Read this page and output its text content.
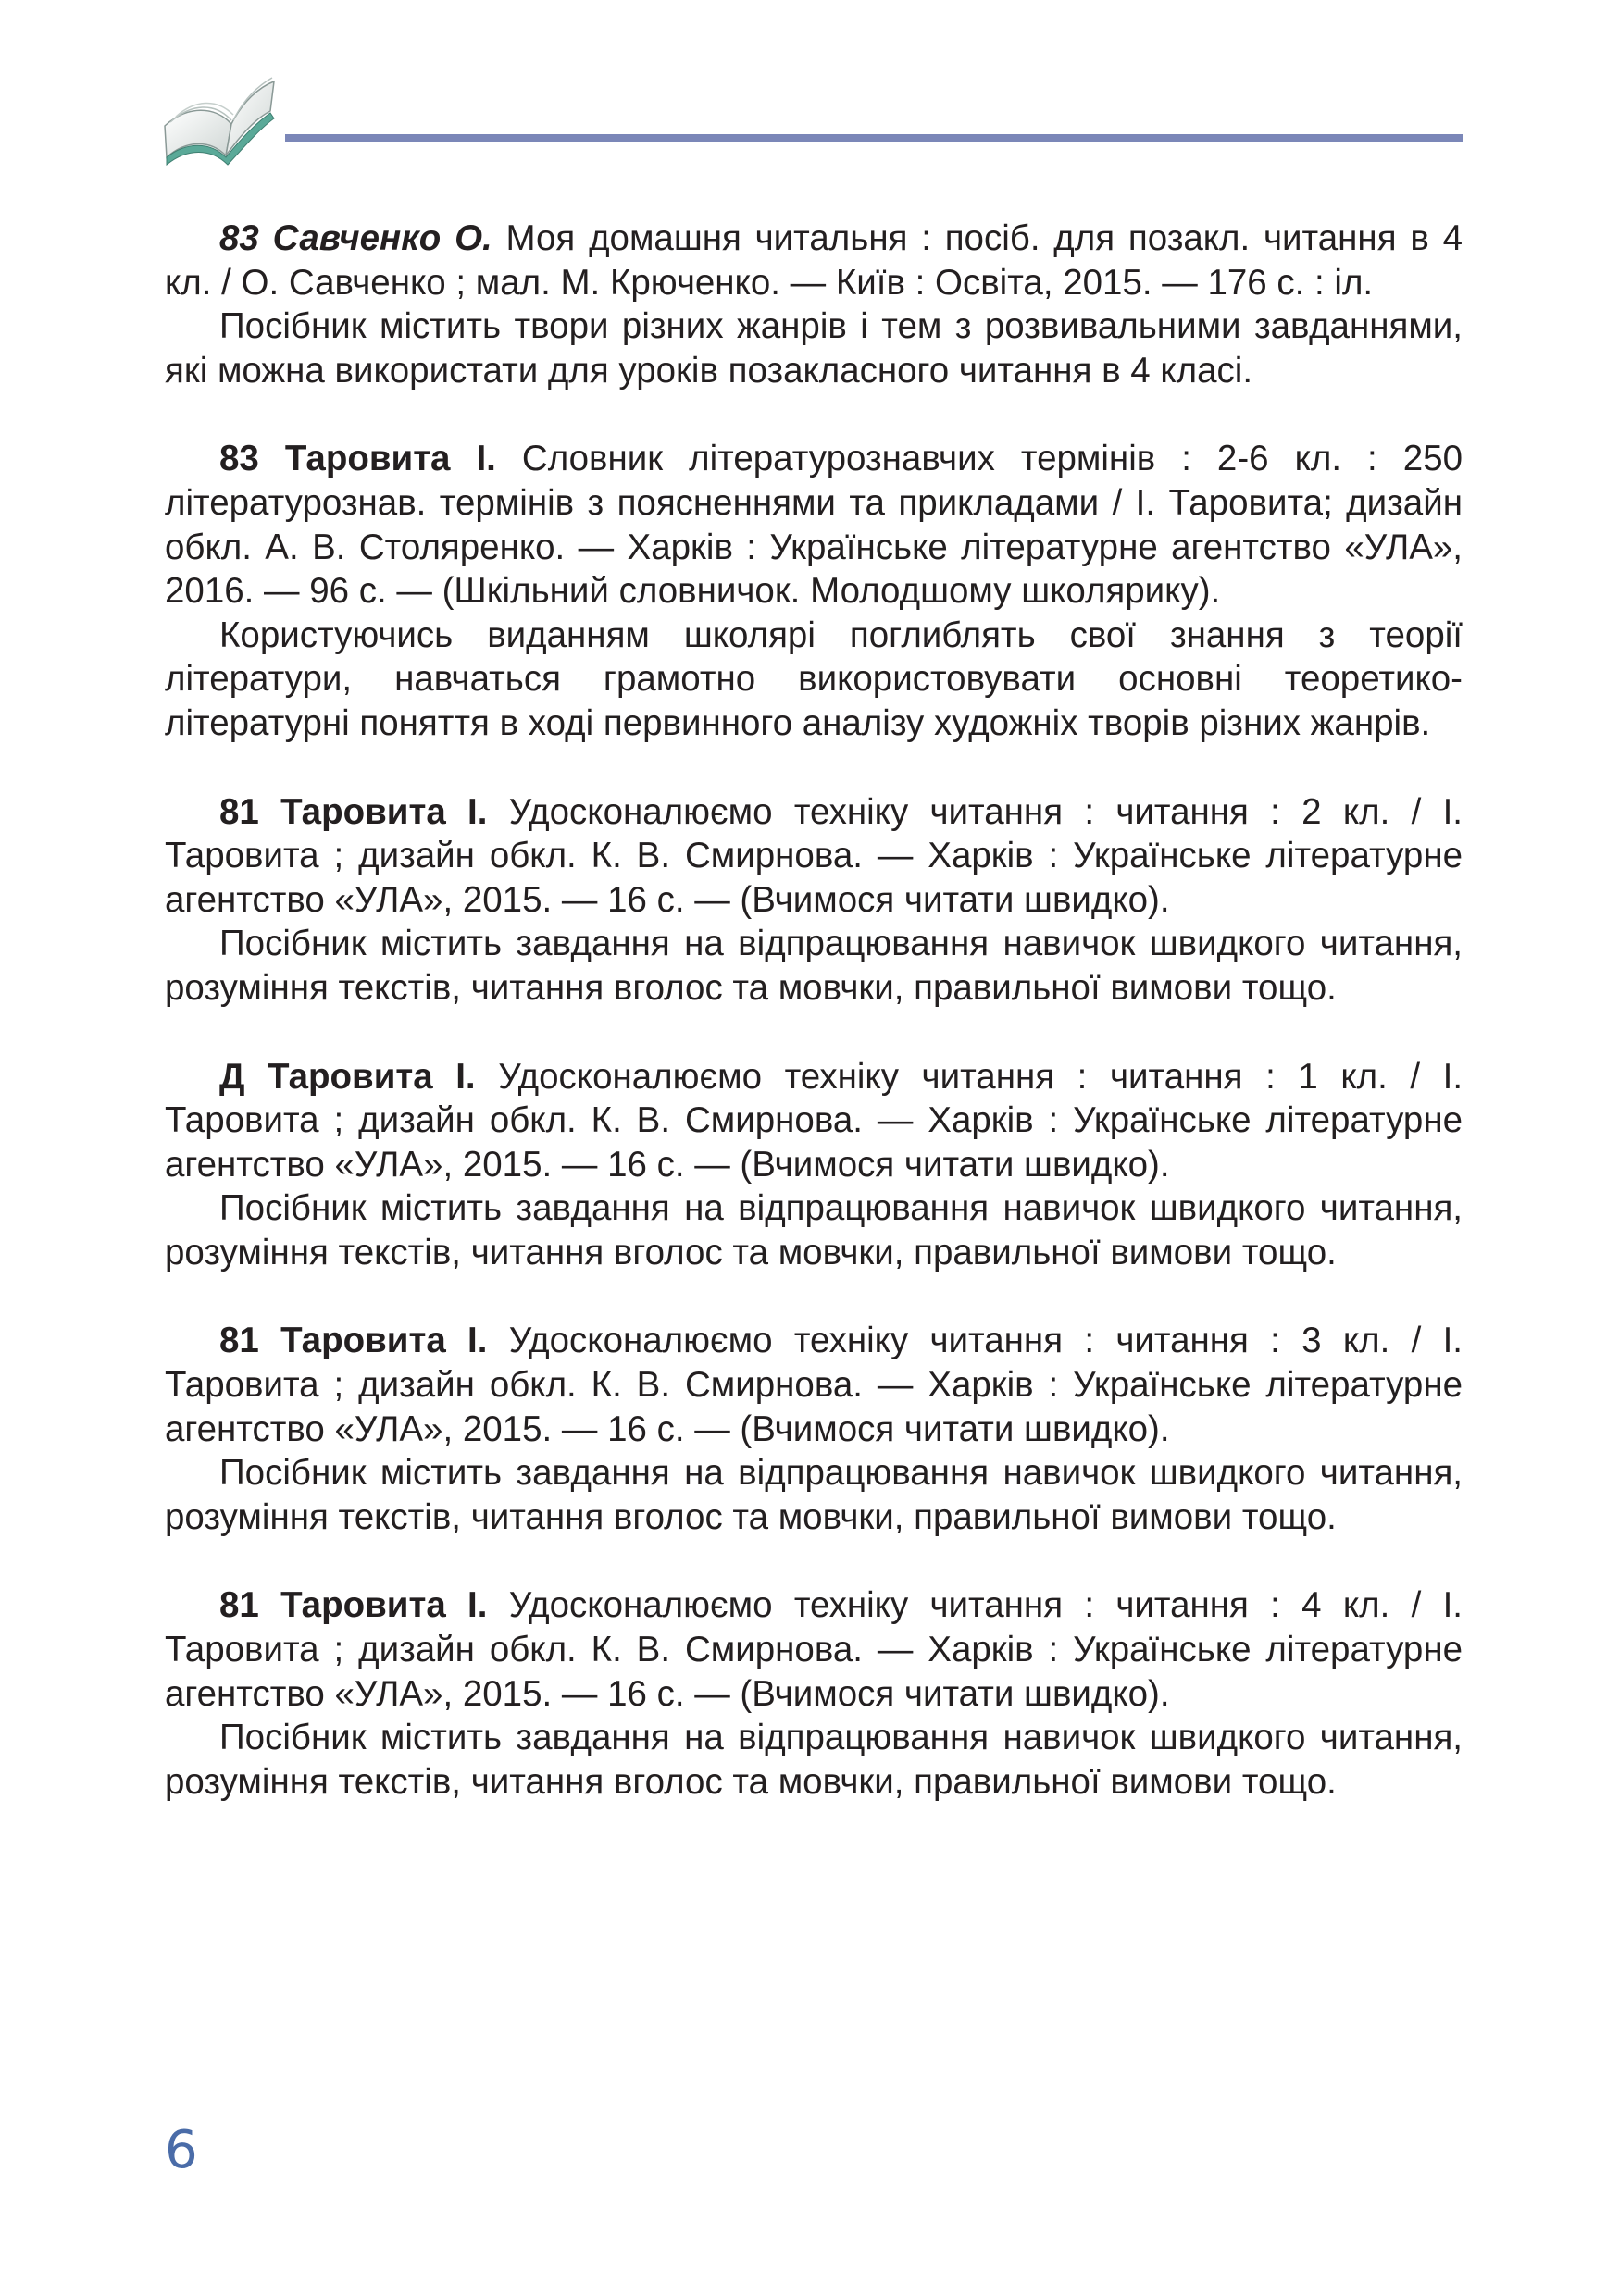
83 Савченко О. Моя домашня читальня : посіб. для позакл. читання в 4 кл. / О. Савченко ; мал. М. Крюченко. — Київ : Освіта, 2015. — 176 с. : іл.

Посібник містить твори різних жанрів і тем з розвивальними завданнями, які можна використати для уроків позакласного читання в 4 класі.

83 Таровита І. Словник літературознавчих термінів : 2-6 кл. : 250 літературознав. термінів з поясненнями та прикладами / І. Таровита; дизайн обкл. А. В. Столяренко. — Харків : Українське літературне агентство «УЛА», 2016. — 96 с. — (Шкільний словничок. Молодшому школярику).

Користуючись виданням школярі поглиблять свої знання з теорії літератури, навчаться грамотно використовувати основні теоретико-літературні поняття в ході первинного аналізу художніх творів різних жанрів.

81 Таровита І. Удосконалюємо техніку читання : читання : 2 кл. / І. Таровита ; дизайн обкл. К. В. Смирнова. — Харків : Українське літературне агентство «УЛА», 2015. — 16 с. — (Вчимося читати швидко).

Посібник містить завдання на відпрацювання навичок швидкого читання, розуміння текстів, читання вголос та мовчки, правильної вимови тощо.

Д Таровита І. Удосконалюємо техніку читання : читання : 1 кл. / І. Таровита ; дизайн обкл. К. В. Смирнова. — Харків : Українське літературне агентство «УЛА», 2015. — 16 с. — (Вчимося читати швидко).

Посібник містить завдання на відпрацювання навичок швидкого читання, розуміння текстів, читання вголос та мовчки, правильної вимови тощо.

81 Таровита І. Удосконалюємо техніку читання : читання : 3 кл. / І. Таровита ; дизайн обкл. К. В. Смирнова. — Харків : Українське літературне агентство «УЛА», 2015. — 16 с. — (Вчимося читати швидко).

Посібник містить завдання на відпрацювання навичок швидкого читання, розуміння текстів, читання вголос та мовчки, правильної вимови тощо.

81 Таровита І. Удосконалюємо техніку читання : читання : 4 кл. / І. Таровита ; дизайн обкл. К. В. Смирнова. — Харків : Українське літературне агентство «УЛА», 2015. — 16 с. — (Вчимося читати швидко).

Посібник містить завдання на відпрацювання навичок швидкого читання, розуміння текстів, читання вголос та мовчки, правильної вимови тощо.

6
